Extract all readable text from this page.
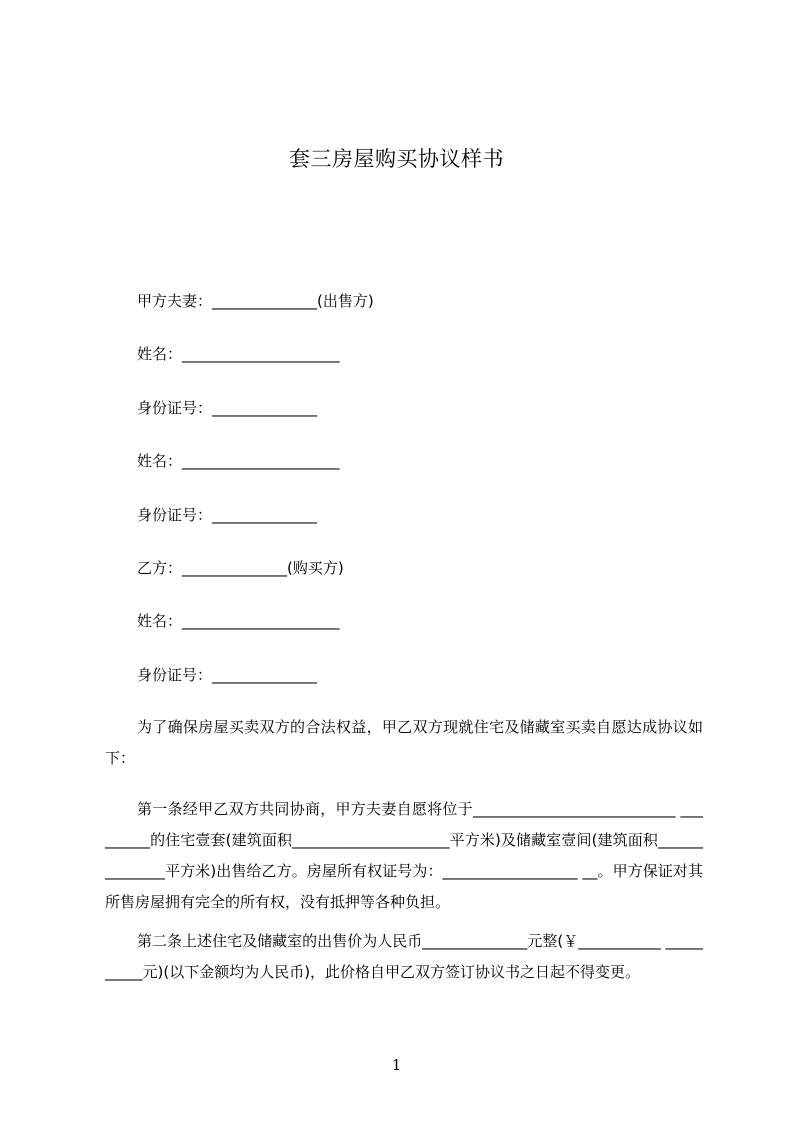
套三房屋购买协议样书
甲方夫妻：______________(出售方)
姓名：_____________________
身份证号：______________
姓名：_____________________
身份证号：______________
乙方：______________(购买方)
姓名：_____________________
身份证号：______________
为了确保房屋买卖双方的合法权益，甲乙双方现就住宅及储藏室买卖自愿达成协议如下：
第一条经甲乙双方共同协商，甲方夫妻自愿将位于___________________________ _________的住宅壹套(建筑面积_____________________平方米)及储藏室壹间(建筑面积______________平方米)出售给乙方。房屋所有权证号为：__________________ __。甲方保证对其所售房屋拥有完全的所有权，没有抵押等各种负担。
第二条上述住宅及储藏室的出售价为人民币______________元整(￥___________ __________元)(以下金额均为人民币)，此价格自甲乙双方签订协议书之日起不得变更。
1
